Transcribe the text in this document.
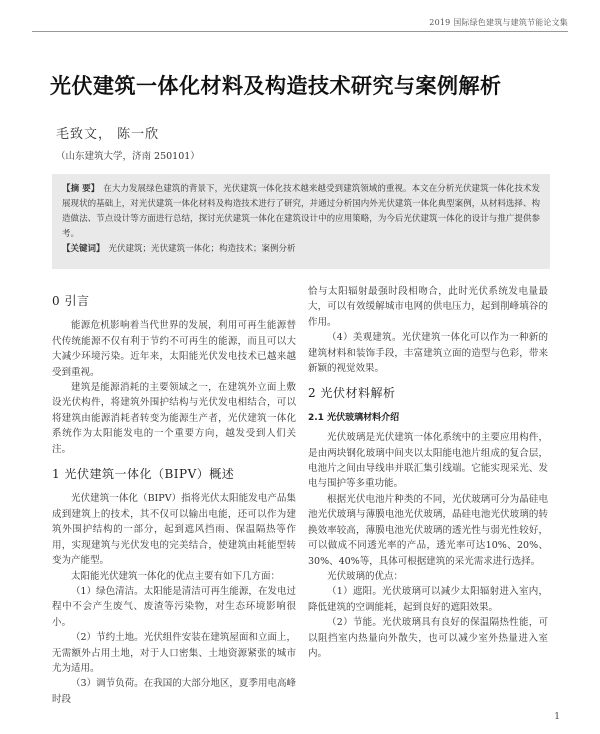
2019 国际绿色建筑与建筑节能论文集
光伏建筑一体化材料及构造技术研究与案例解析
毛致文， 陈一欣
（山东建筑大学，济南 250101）

【摘 要】 在大力发展绿色建筑的背景下，光伏建筑一体化技术越来越受到建筑领域的重视。本文在分析光伏建筑一体化技术发展现状的基础上，对光伏建筑一体化材料及构造技术进行了研究，并通过分析国内外光伏建筑一体化典型案例，从材料选择、构造做法、节点设计等方面进行总结，探讨光伏建筑一体化在建筑设计中的应用策略，为今后光伏建筑一体化的设计与推广提供参考。

【关键词】 光伏建筑；光伏建筑一体化；构造技术；案例分析

0 引言

能源危机影响着当代世界的发展，利用可再生能源替代传统能源不仅有利于节约不可再生的能源，而且可以大大减少环境污染。近年来，太阳能光伏发电技术已越来越受到重视。

建筑是能源消耗的主要领域之一，在建筑外立面上敷设光伏构件，将建筑外围护结构与光伏发电相结合，可以将建筑由能源消耗者转变为能源生产者，光伏建筑一体化系统作为太阳能发电的一个重要方向，越发受到人们关注。

1 光伏建筑一体化（BIPV）概述

光伏建筑一体化（BIPV）指将光伏太阳能发电产品集成到建筑上的技术，其不仅可以输出电能，还可以作为建筑外围护结构的一部分，起到遮风挡雨、保温隔热等作用，实现建筑与光伏发电的完美结合，使建筑由耗能型转变为产能型。

太阳能光伏建筑一体化的优点主要有如下几方面：

（1）绿色清洁。太阳能是清洁可再生能源，在发电过程中不会产生废气、废渣等污染物，对生态环境影响很小。

（2）节约土地。光伏组件安装在建筑屋面和立面上，无需额外占用土地，对于人口密集、土地资源紧张的城市尤为适用。

（3）调节负荷。在我国的大部分地区，夏季用电高峰时段

恰与太阳辐射最强时段相吻合，此时光伏系统发电量最大，可以有效缓解城市电网的供电压力，起到削峰填谷的作用。

（4）美观建筑。光伏建筑一体化可以作为一种新的建筑材料和装饰手段，丰富建筑立面的造型与色彩，带来新颖的视觉效果。

2 光伏材料解析
2.1 光伏玻璃材料介绍

光伏玻璃是光伏建筑一体化系统中的主要应用构件，是由两块钢化玻璃中间夹以太阳能电池片组成的复合层，电池片之间由导线串并联汇集引线端。它能实现采光、发电与围护等多重功能。

根据光伏电池片种类的不同，光伏玻璃可分为晶硅电池光伏玻璃与薄膜电池光伏玻璃，晶硅电池光伏玻璃的转换效率较高，薄膜电池光伏玻璃的透光性与弱光性较好，可以做成不同透光率的产品，透光率可达10%、20%、30%、40%等，具体可根据建筑的采光需求进行选择。

光伏玻璃的优点：

（1）遮阳。光伏玻璃可以减少太阳辐射进入室内，降低建筑的空调能耗，起到良好的遮阳效果。

（2）节能。光伏玻璃具有良好的保温隔热性能，可以阻挡室内热量向外散失，也可以减少室外热量进入室内。

1
